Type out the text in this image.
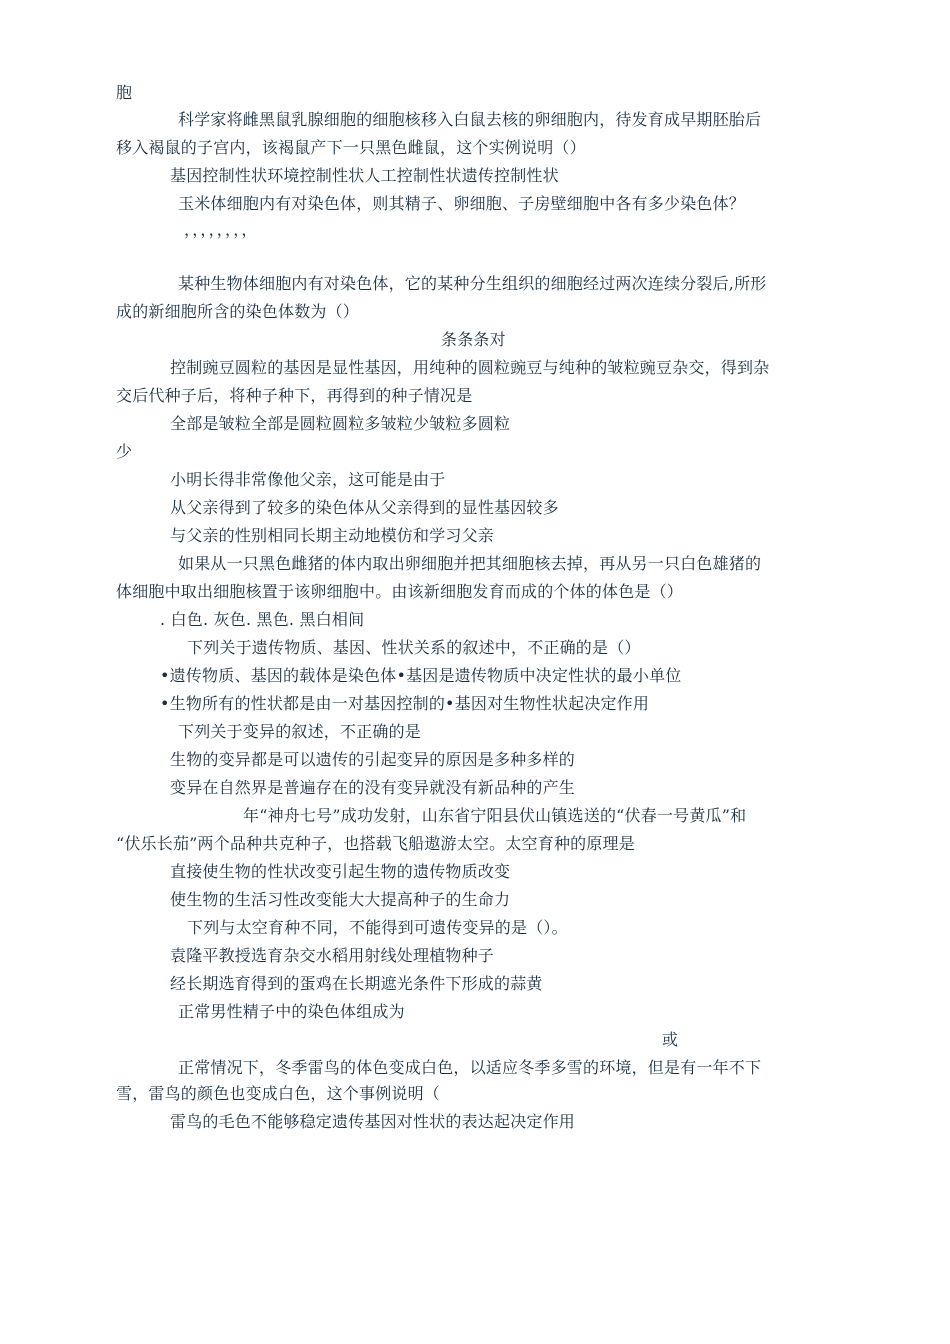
胞
科学家将雌黑鼠乳腺细胞的细胞核移入白鼠去核的卵细胞内，待发育成早期胚胎后
移入褐鼠的子宫内，该褐鼠产下一只黑色雌鼠，这个实例说明（）
基因控制性状环境控制性状人工控制性状遗传控制性状
玉米体细胞内有对染色体，则其精子、卵细胞、子房壁细胞中各有多少染色体？
，，，，，，，，
某种生物体细胞内有对染色体，它的某种分生组织的细胞经过两次连续分裂后,所形
成的新细胞所含的染色体数为（）
条条条对
控制豌豆圆粒的基因是显性基因，用纯种的圆粒豌豆与纯种的皱粒豌豆杂交，得到杂
交后代种子后，将种子种下，再得到的种子情况是
全部是皱粒全部是圆粒圆粒多皱粒少皱粒多圆粒
少
小明长得非常像他父亲，这可能是由于
从父亲得到了较多的染色体从父亲得到的显性基因较多
与父亲的性别相同长期主动地模仿和学习父亲
如果从一只黑色雌猪的体内取出卵细胞并把其细胞核去掉，再从另一只白色雄猪的
体细胞中取出细胞核置于该卵细胞中。由该新细胞发育而成的个体的体色是（）
. 白色. 灰色. 黑色. 黑白相间
下列关于遗传物质、基因、性状关系的叙述中，不正确的是（）
•遗传物质、基因的载体是染色体•基因是遗传物质中决定性状的最小单位
•生物所有的性状都是由一对基因控制的•基因对生物性状起决定作用
下列关于变异的叙述，不正确的是
生物的变异都是可以遗传的引起变异的原因是多种多样的
变异在自然界是普遍存在的没有变异就没有新品种的产生
年“神舟七号”成功发射，山东省宁阳县伏山镇选送的“伏春一号黄瓜”和
“伏乐长茄”两个品种共克种子，也搭载飞船遨游太空。太空育种的原理是
直接使生物的性状改变引起生物的遗传物质改变
使生物的生活习性改变能大大提高种子的生命力
下列与太空育种不同，不能得到可遗传变异的是（）。
袁隆平教授选育杂交水稻用射线处理植物种子
经长期选育得到的蛋鸡在长期遮光条件下形成的蒜黄
正常男性精子中的染色体组成为
或
正常情况下，冬季雷鸟的体色变成白色，以适应冬季多雪的环境，但是有一年不下
雪，雷鸟的颜色也变成白色，这个事例说明（
雷鸟的毛色不能够稳定遗传基因对性状的表达起决定作用
